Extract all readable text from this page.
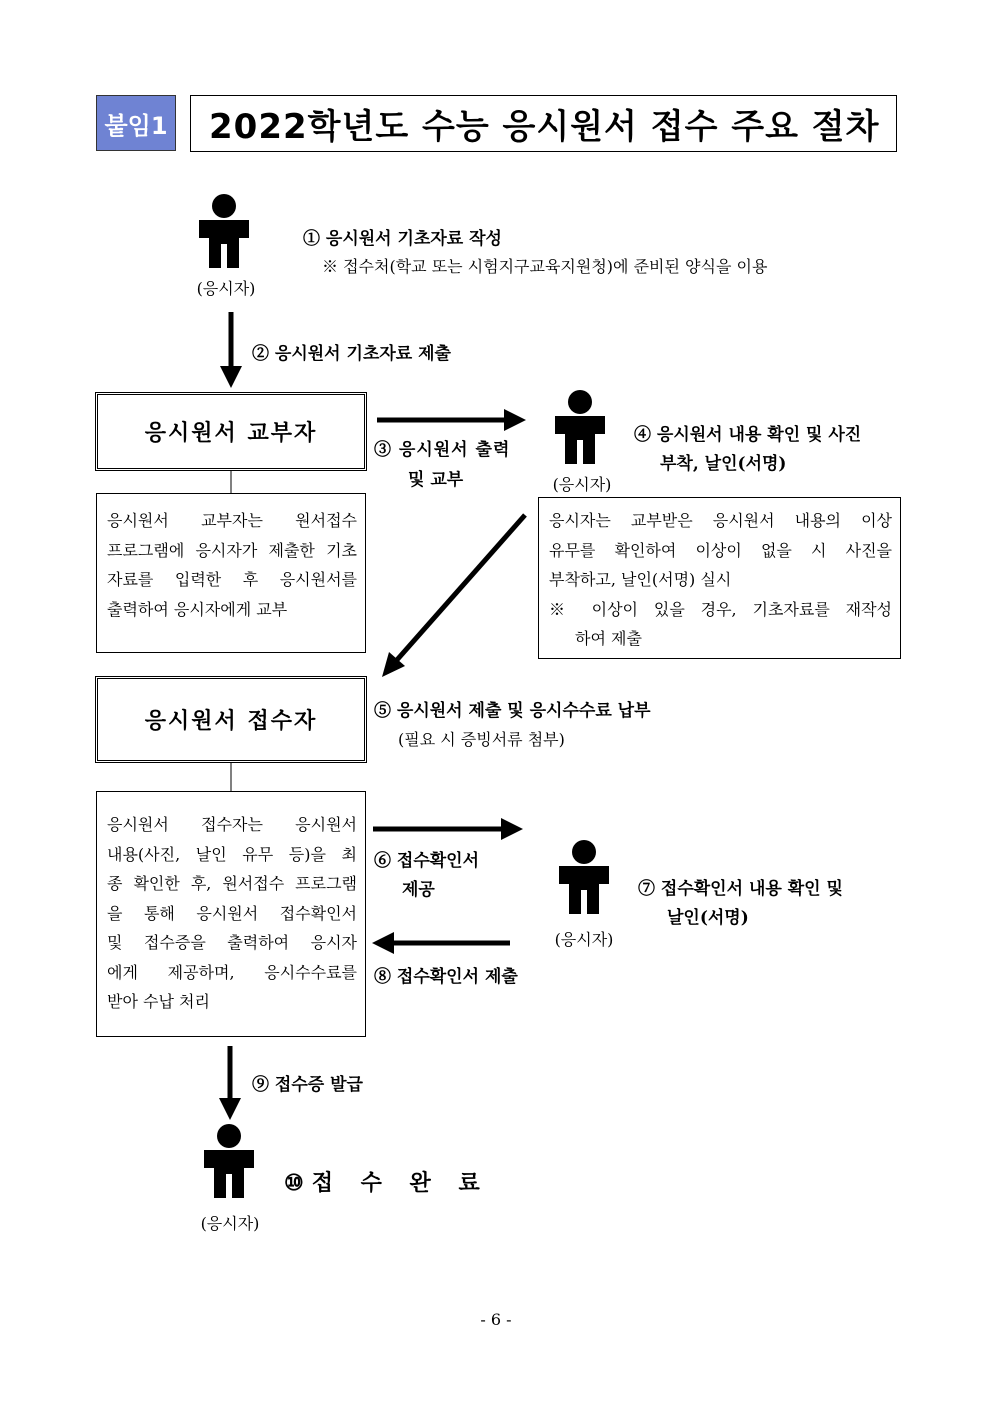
붙임1	2022학년도 수능 응시원서 접수 주요 절차
(응시자)
① 응시원서 기초자료 작성
※ 접수처(학교 또는 시험지구교육지원청)에 준비된 양식을 이용
② 응시원서 기초자료 제출
응시원서 교부자
③ 응시원서 출력
및 교부	(응시자)
④ 응시원서 내용 확인 및 사진
부착, 날인(서명)
응시원서 교부자는 원서접수
프로그램에 응시자가 제출한 기초
자료를 입력한 후 응시원서를
출력하여 응시자에게 교부
응시자는 교부받은 응시원서 내용의 이상
유무를 확인하여 이상이 없을 시 사진을
부착하고, 날인(서명) 실시
※ 이상이 있을 경우, 기초자료를 재작성
하여 제출
응시원서 접수자	⑤ 응시원서 제출 및 응시수수료 납부
(필요 시 증빙서류 첨부)
응시원서 접수자는 응시원서
내용(사진, 날인 유무 등)을 최
종 확인한 후, 원서접수 프로그램
을 통해 응시원서 접수확인서
및 접수증을 출력하여 응시자
에게 제공하며, 응시수수료를
받아 수납 처리
⑥ 접수확인서
제공
(응시자)
⑦ 접수확인서 내용 확인 및
날인(서명)
⑧ 접수확인서 제출
⑨ 접수증 발급
(응시자)
⑩ 접 수 완 료
- 6 -
